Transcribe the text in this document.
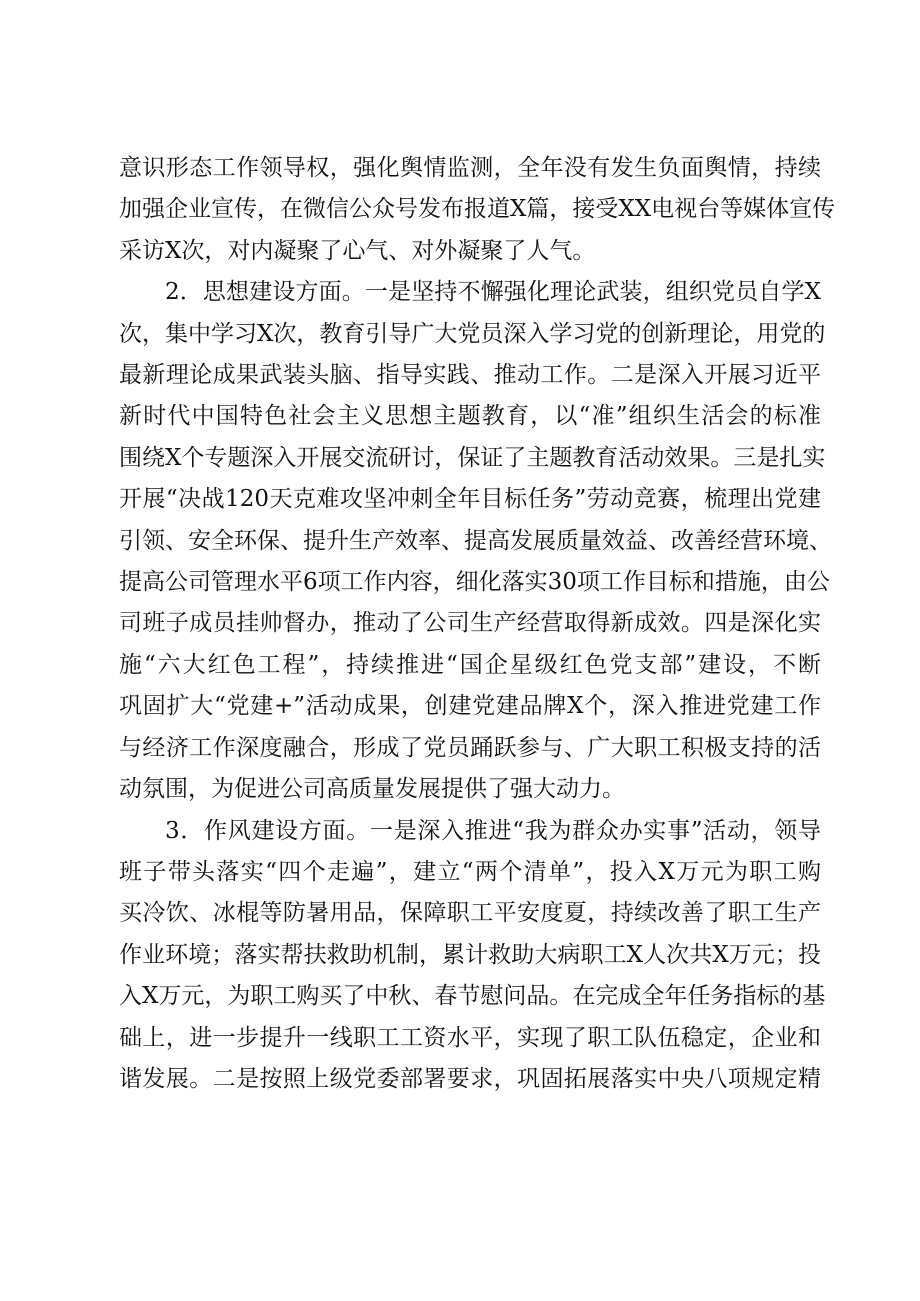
意识形态工作领导权，强化舆情监测，全年没有发生负面舆情，持续
加强企业宣传，在微信公众号发布报道X篇，接受XX电视台等媒体宣传
采访X次，对内凝聚了心气、对外凝聚了人气。

2．思想建设方面。一是坚持不懈强化理论武装，组织党员自学X
次，集中学习X次，教育引导广大党员深入学习党的创新理论，用党的
最新理论成果武装头脑、指导实践、推动工作。二是深入开展习近平
新时代中国特色社会主义思想主题教育，以“准”组织生活会的标准
围绕X个专题深入开展交流研讨，保证了主题教育活动效果。三是扎实
开展“决战120天克难攻坚冲刺全年目标任务”劳动竞赛，梳理出党建
引领、安全环保、提升生产效率、提高发展质量效益、改善经营环境、
提高公司管理水平6项工作内容，细化落实30项工作目标和措施，由公
司班子成员挂帅督办，推动了公司生产经营取得新成效。四是深化实
施“六大红色工程”，持续推进“国企星级红色党支部”建设，不断
巩固扩大“党建+”活动成果，创建党建品牌X个，深入推进党建工作
与经济工作深度融合，形成了党员踊跃参与、广大职工积极支持的活
动氛围，为促进公司高质量发展提供了强大动力。

3．作风建设方面。一是深入推进“我为群众办实事”活动，领导
班子带头落实“四个走遍”，建立“两个清单”，投入X万元为职工购
买冷饮、冰棍等防暑用品，保障职工平安度夏，持续改善了职工生产
作业环境；落实帮扶救助机制，累计救助大病职工X人次共X万元；投
入X万元，为职工购买了中秋、春节慰问品。在完成全年任务指标的基
础上，进一步提升一线职工工资水平，实现了职工队伍稳定，企业和
谐发展。二是按照上级党委部署要求，巩固拓展落实中央八项规定精
